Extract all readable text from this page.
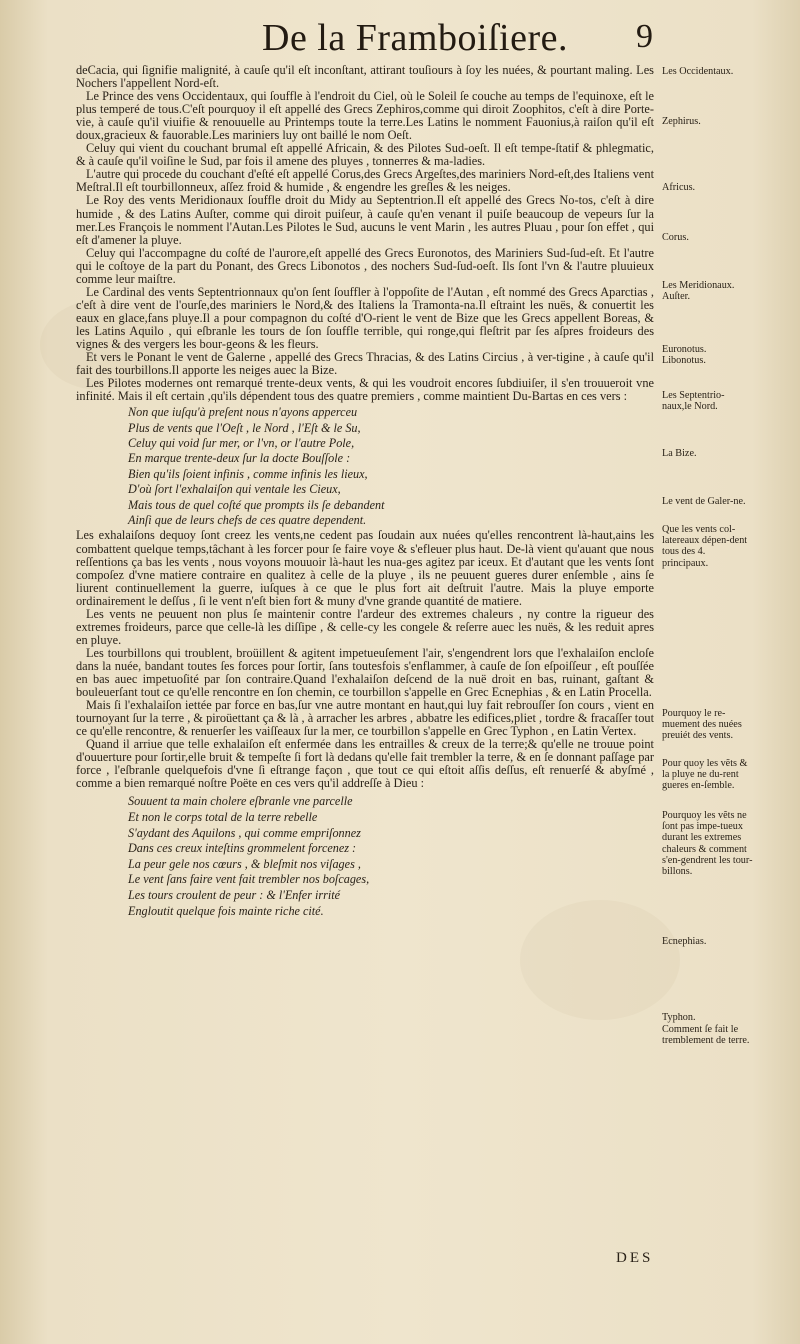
De la Framboiſiere. 9

deCacia, qui ſignifie malignité, à cauſe qu'il eſt inconſtant, attirant touſiours à ſoy les nuées, & pourtant maling. Les Nochers l'appellent Nord-eſt.

Le Prince des vens Occidentaux, qui ſouffle à l'endroit du Ciel, où le Soleil ſe couche au temps de l'equinoxe, eſt le plus temperé de tous.C'eſt pourquoy il eſt appellé des Grecs Zephiros,comme qui diroit Zoophitos, c'eſt à dire Porte-vie, à cauſe qu'il viuifie & renouuelle au Printemps toute la terre.Les Latins le nomment Fauonius,à raiſon qu'il eſt doux,gracieux & fauorable.Les mariniers luy ont baillé le nom Oeſt.

Celuy qui vient du couchant brumal eſt appellé Africain, & des Pilotes Sud-oeſt. Il eſt tempe-ſtatif & phlegmatic, & à cauſe qu'il voiſine le Sud, par fois il amene des pluyes , tonnerres & ma-ladies.

L'autre qui procede du couchant d'eſté eſt appellé Corus,des Grecs Argeſtes,des mariniers Nord-eſt,des Italiens vent Meſtral.Il eſt tourbillonneux, aſſez froid & humide , & engendre les greſles & les neiges.

Le Roy des vents Meridionaux ſouffle droit du Midy au Septentrion.Il eſt appellé des Grecs No-tos, c'eſt à dire humide , & des Latins Auſter, comme qui diroit puiſeur, à cauſe qu'en venant il puiſe beaucoup de vepeurs ſur la mer.Les François le nomment l'Autan.Les Pilotes le Sud, aucuns le vent Marin , les autres Pluau , pour ſon effet , qui eſt d'amener la pluye.

Celuy qui l'accompagne du coſté de l'aurore,eſt appellé des Grecs Euronotos, des Mariniers Sud-ſud-eſt. Et l'autre qui le coſtoye de la part du Ponant, des Grecs Libonotos , des nochers Sud-ſud-oeſt. Ils ſont l'vn & l'autre pluuieux comme leur maiſtre.

Le Cardinal des vents Septentrionnaux qu'on ſent ſouffler à l'oppoſite de l'Autan , eſt nommé des Grecs Aparctias , c'eſt à dire vent de l'ourſe,des mariniers le Nord,& des Italiens la Tramonta-na.Il eſtraint les nuës, & conuertit les eaux en glace,fans pluye.Il a pour compagnon du coſté d'O-rient le vent de Bize que les Grecs appellent Boreas, & les Latins Aquilo , qui eſbranle les tours de ſon ſouffle terrible, qui ronge,qui fleſtrit par ſes aſpres froideurs des vignes & des vergers les bour-geons & les fleurs.

Et vers le Ponant le vent de Galerne , appellé des Grecs Thracias, & des Latins Circius , à ver-tigine , à cauſe qu'il fait des tourbillons.Il apporte les neiges auec la Bize.

Les Pilotes modernes ont remarqué trente-deux vents, & qui les voudroit encores ſubdiuiſer, il s'en trouueroit vne infinité. Mais il eſt certain ,qu'ils dépendent tous des quatre premiers , comme maintient Du-Bartas en ces vers :

Non que iuſqu'à preſent nous n'ayons apperceu

Plus de vents que l'Oeſt , le Nord , l'Eſt & le Su,

Celuy qui void ſur mer, or l'vn, or l'autre Pole,

En marque trente-deux ſur la docte Bouſſole :

Bien qu'ils ſoient infinis , comme infinis les lieux,

D'où ſort l'exhalaiſon qui ventale les Cieux,

Mais tous de quel coſté que prompts ils ſe debandent

Ainſi que de leurs chefs de ces quatre dependent.

Les exhalaiſons dequoy ſont creez les vents,ne cedent pas ſoudain aux nuées qu'elles rencontrent là-haut,ains les combattent quelque temps,tâchant à les forcer pour ſe faire voye & s'efleuer plus haut. De-là vient qu'auant que nous reſſentions ça bas les vents , nous voyons mouuoir là-haut les nua-ges agitez par iceux. Et d'autant que les vents ſont compoſez d'vne matiere contraire en qualitez à celle de la pluye , ils ne peuuent gueres durer enſemble , ains ſe liurent continuellement la guerre, iuſques à ce que le plus fort ait deſtruit l'autre. Mais la pluye emporte ordinairement le deſſus , ſi le vent n'eſt bien fort & muny d'vne grande quantité de matiere.

Les vents ne peuuent non plus ſe maintenir contre l'ardeur des extremes chaleurs , ny contre la rigueur des extremes froideurs, parce que celle-là les diſſipe , & celle-cy les congele & reſerre auec les nuës, & les reduit apres en pluye.

Les tourbillons qui troublent, broüillent & agitent impetueuſement l'air, s'engendrent lors que l'exhalaiſon encloſe dans la nuée, bandant toutes ſes forces pour ſortir, ſans toutesfois s'enflammer, à cauſe de ſon eſpoiſſeur , eſt pouſſée en bas auec impetuoſité par ſon contraire.Quand l'exhalaiſon deſcend de la nuë droit en bas, ruinant, gaſtant & bouleuerſant tout ce qu'elle rencontre en ſon chemin, ce tourbillon s'appelle en Grec Ecnephias , & en Latin Procella.

Mais ſi l'exhalaiſon iettée par force en bas,ſur vne autre montant en haut,qui luy fait rebrouſſer ſon cours , vient en tournoyant ſur la terre , & piroüettant ça & là , à arracher les arbres , abbatre les edifices,pliet , tordre & fracaſſer tout ce qu'elle rencontre, & renuerſer les vaiſſeaux ſur la mer, ce tourbillon s'appelle en Grec Typhon , en Latin Vertex.

Quand il arriue que telle exhalaiſon eſt enfermée dans les entrailles & creux de la terre;& qu'elle ne trouue point d'ouuerture pour ſortir,elle bruit & tempeſte ſi fort là dedans qu'elle fait trembler la terre, & en ſe donnant paſſage par force , l'eſbranle quelquefois d'vne ſi eſtrange façon , que tout ce qui eſtoit aſſis deſſus, eſt renuerſé & abyſmé , comme a bien remarqué noſtre Poëte en ces vers qu'il addreſſe à Dieu :

Souuent ta main cholere eſbranle vne parcelle

Et non le corps total de la terre rebelle

S'aydant des Aquilons , qui comme empriſonnez

Dans ces creux inteſtins grommelent forcenez :

La peur gele nos cœurs , & bleſmit nos viſages ,

Le vent ſans faire vent fait trembler nos boſcages,

Les tours croulent de peur : & l'Enfer irrité

Engloutit quelque fois mainte riche cité.

Les Occidentaux.
Zephirus.
Africus.
Corus.
Les Meridionaux. Auſter.
Euronotus. Libonotus.
Les Septentrio-naux,le Nord.
La Bize.
Le vent de Galer-ne.
Que les vents col-latereaux dépen-dent tous des 4. principaux.
Pourquoy le re-muement des nuées preuiét des vents.
Pour quoy les vẽts & la pluye ne du-rent gueres en-ſemble.
Pourquoy les vẽts ne ſont pas impe-tueux durant les extremes chaleurs & comment s'en-gendrent les tour-billons.
Ecnephias.
Typhon.
Comment ſe fait le tremblement de terre.
DES
